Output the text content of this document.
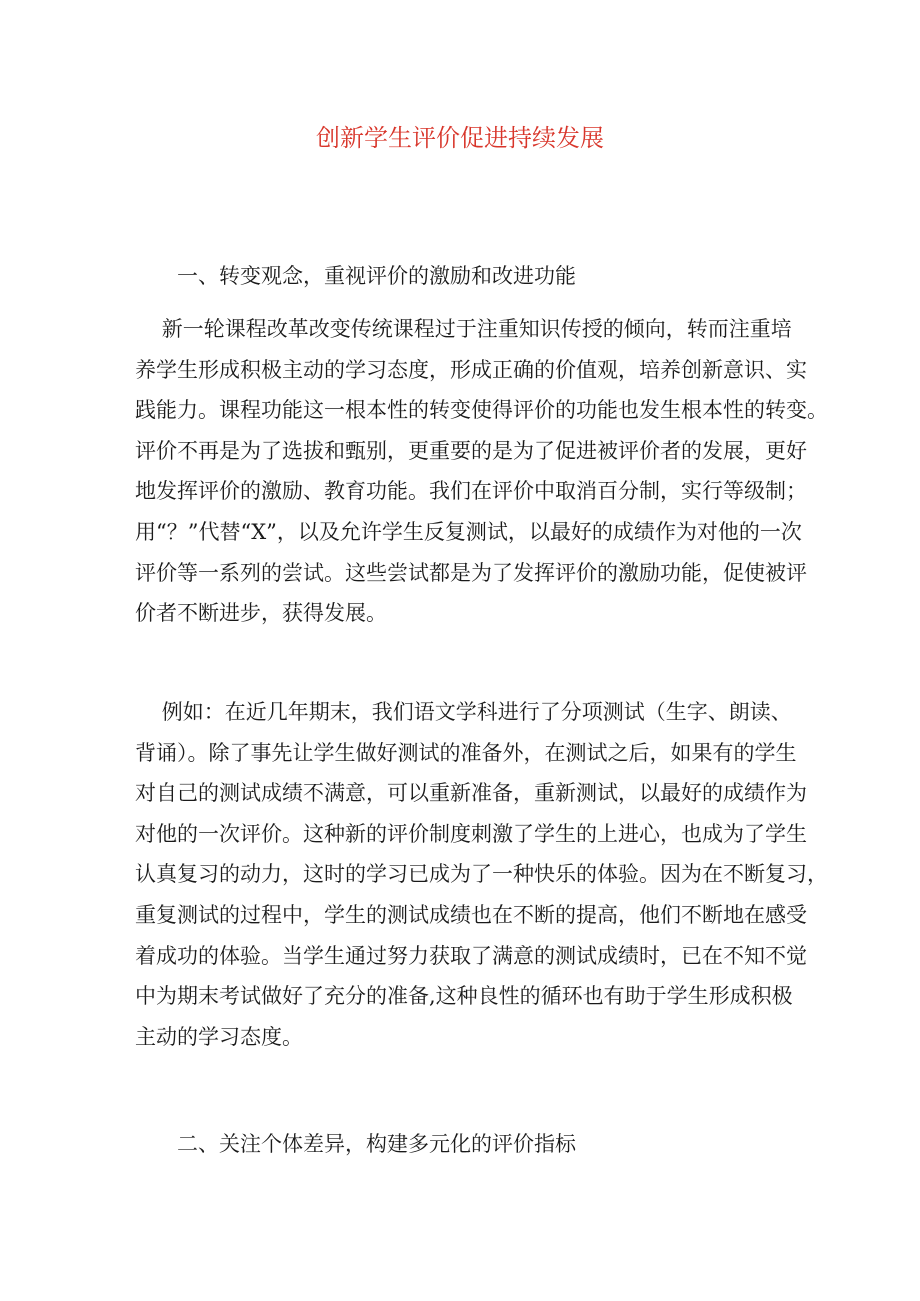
创新学生评价促进持续发展
一、转变观念，重视评价的激励和改进功能
新一轮课程改革改变传统课程过于注重知识传授的倾向，转而注重培
养学生形成积极主动的学习态度，形成正确的价值观，培养创新意识、实
践能力。课程功能这一根本性的转变使得评价的功能也发生根本性的转变。
评价不再是为了选拔和甄别，更重要的是为了促进被评价者的发展，更好
地发挥评价的激励、教育功能。我们在评价中取消百分制，实行等级制；
用“？”代替“X”，以及允许学生反复测试，以最好的成绩作为对他的一次
评价等一系列的尝试。这些尝试都是为了发挥评价的激励功能，促使被评
价者不断进步，获得发展。
例如：在近几年期末，我们语文学科进行了分项测试（生字、朗读、
背诵）。除了事先让学生做好测试的准备外，在测试之后，如果有的学生
对自己的测试成绩不满意，可以重新准备，重新测试，以最好的成绩作为
对他的一次评价。这种新的评价制度刺激了学生的上进心，也成为了学生
认真复习的动力，这时的学习已成为了一种快乐的体验。因为在不断复习，
重复测试的过程中，学生的测试成绩也在不断的提高，他们不断地在感受
着成功的体验。当学生通过努力获取了满意的测试成绩时，已在不知不觉
中为期末考试做好了充分的准备,这种良性的循环也有助于学生形成积极
主动的学习态度。
二、关注个体差异，构建多元化的评价指标
